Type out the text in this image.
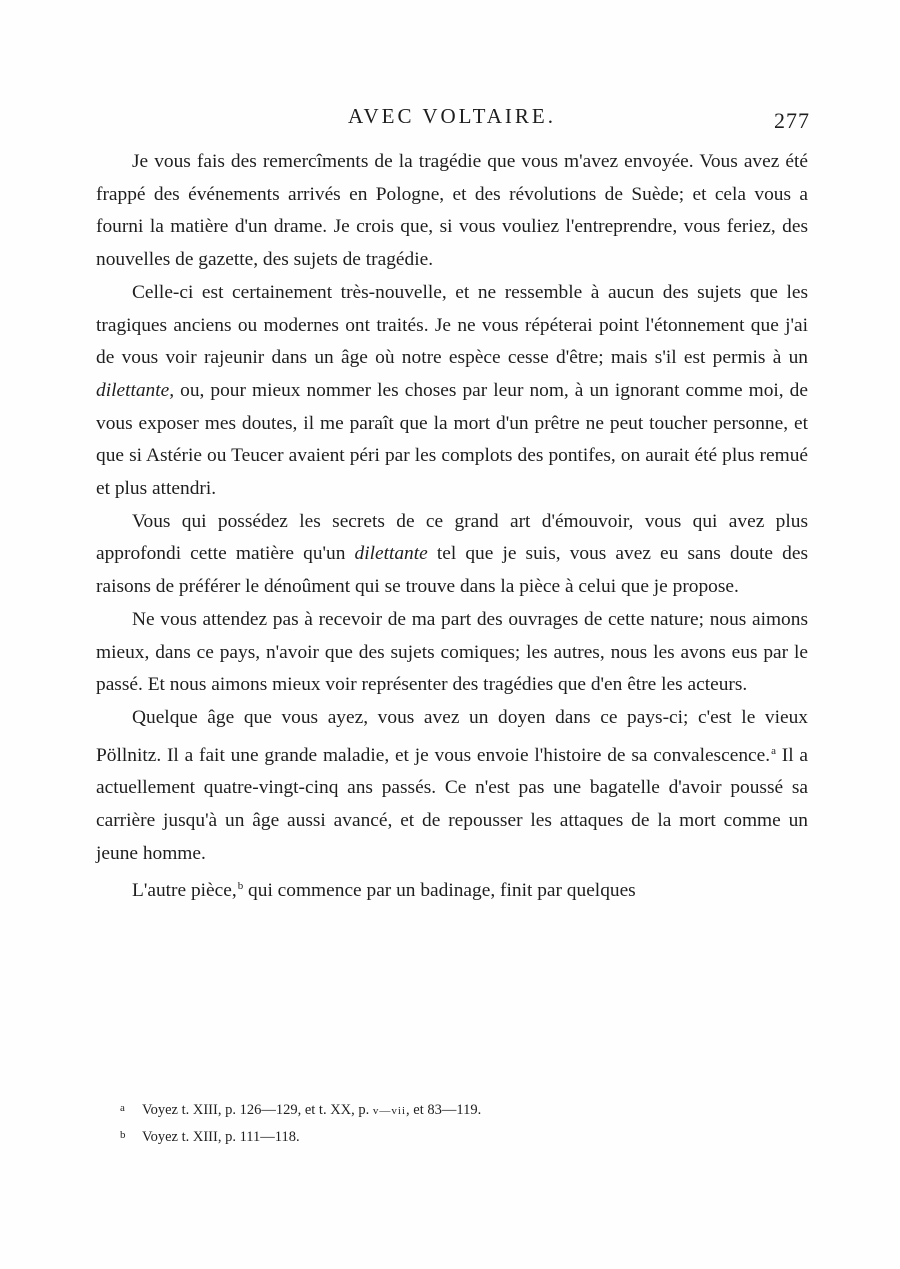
AVEC VOLTAIRE.	277

Je vous fais des remercîments de la tragédie que vous m'avez envoyée. Vous avez été frappé des événements arrivés en Pologne, et des révolutions de Suède; et cela vous a fourni la matière d'un drame. Je crois que, si vous vouliez l'entreprendre, vous feriez, des nouvelles de gazette, des sujets de tragédie.

Celle-ci est certainement très-nouvelle, et ne ressemble à aucun des sujets que les tragiques anciens ou modernes ont traités. Je ne vous répéterai point l'étonnement que j'ai de vous voir rajeunir dans un âge où notre espèce cesse d'être; mais s'il est permis à un dilettante, ou, pour mieux nommer les choses par leur nom, à un ignorant comme moi, de vous exposer mes doutes, il me paraît que la mort d'un prêtre ne peut toucher personne, et que si Astérie ou Teucer avaient péri par les complots des pontifes, on aurait été plus remué et plus attendri.

Vous qui possédez les secrets de ce grand art d'émouvoir, vous qui avez plus approfondi cette matière qu'un dilettante tel que je suis, vous avez eu sans doute des raisons de préférer le dénoûment qui se trouve dans la pièce à celui que je propose.

Ne vous attendez pas à recevoir de ma part des ouvrages de cette nature; nous aimons mieux, dans ce pays, n'avoir que des sujets comiques; les autres, nous les avons eus par le passé. Et nous aimons mieux voir représenter des tragédies que d'en être les acteurs.

Quelque âge que vous ayez, vous avez un doyen dans ce pays-ci; c'est le vieux Pöllnitz. Il a fait une grande maladie, et je vous envoie l'histoire de sa convalescence.$^a$ Il a actuellement quatre-vingt-cinq ans passés. Ce n'est pas une bagatelle d'avoir poussé sa carrière jusqu'à un âge aussi avancé, et de repousser les attaques de la mort comme un jeune homme.

L'autre pièce,$^b$ qui commence par un badinage, finit par quelques

a Voyez t. XIII, p. 126—129, et t. XX, p. v—vii, et 83—119.
b Voyez t. XIII, p. 111—118.
